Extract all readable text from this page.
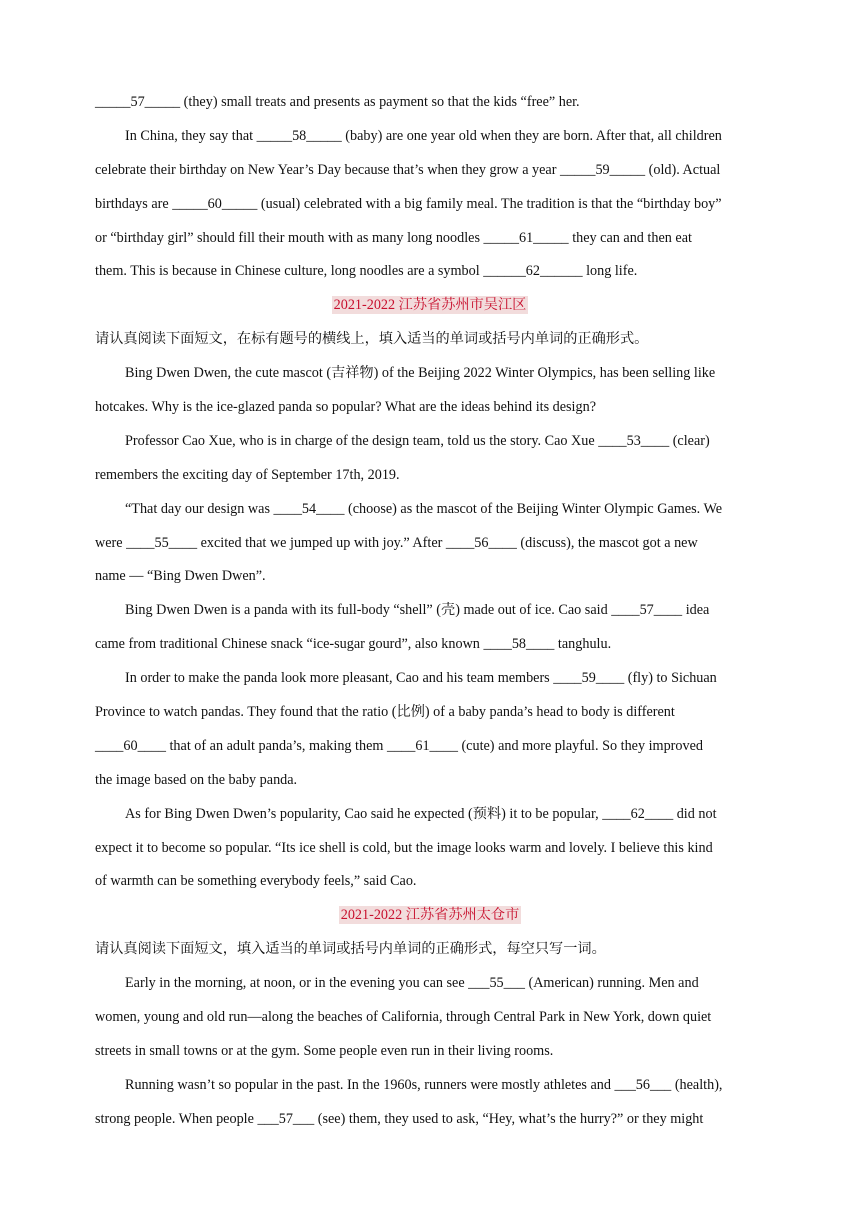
_____57_____ (they) small treats and presents as payment so that the kids “free” her.
In China, they say that _____58_____ (baby) are one year old when they are born. After that, all children
celebrate their birthday on New Year’s Day because that’s when they grow a year _____59_____ (old). Actual
birthdays are _____60_____ (usual) celebrated with a big family meal. The tradition is that the “birthday boy”
or “birthday girl” should fill their mouth with as many long noodles _____61_____ they can and then eat
them. This is because in Chinese culture, long noodles are a symbol ______62______ long life.
2021-2022 江苏省苏州市吴江区
请认真阅读下面短文，在标有题号的横线上，填入适当的单词或括号内单词的正确形式。
Bing Dwen Dwen, the cute mascot (吉祥物) of the Beijing 2022 Winter Olympics, has been selling like
hotcakes. Why is the ice-glazed panda so popular? What are the ideas behind its design?
Professor Cao Xue, who is in charge of the design team, told us the story. Cao Xue ____53____ (clear)
remembers the exciting day of September 17th, 2019.
“That day our design was ____54____ (choose) as the mascot of the Beijing Winter Olympic Games. We
were ____55____ excited that we jumped up with joy.” After ____56____ (discuss), the mascot got a new
name — “Bing Dwen Dwen”.
Bing Dwen Dwen is a panda with its full-body “shell” (壳) made out of ice. Cao said ____57____ idea
came from traditional Chinese snack “ice-sugar gourd”, also known ____58____ tanghulu.
In order to make the panda look more pleasant, Cao and his team members ____59____ (fly) to Sichuan
Province to watch pandas. They found that the ratio (比例) of a baby panda’s head to body is different
____60____ that of an adult panda’s, making them ____61____ (cute) and more playful. So they improved
the image based on the baby panda.
As for Bing Dwen Dwen’s popularity, Cao said he expected (预料) it to be popular, ____62____ did not
expect it to become so popular. “Its ice shell is cold, but the image looks warm and lovely. I believe this kind
of warmth can be something everybody feels,” said Cao.
2021-2022 江苏省苏州太仓市
请认真阅读下面短文，填入适当的单词或括号内单词的正确形式，每空只写一词。
Early in the morning, at noon, or in the evening you can see ___55___ (American) running. Men and
women, young and old run—along the beaches of California, through Central Park in New York, down quiet
streets in small towns or at the gym. Some people even run in their living rooms.
Running wasn’t so popular in the past. In the 1960s, runners were mostly athletes and ___56___ (health),
strong people. When people ___57___ (see) them, they used to ask, “Hey, what’s the hurry?” or they might
